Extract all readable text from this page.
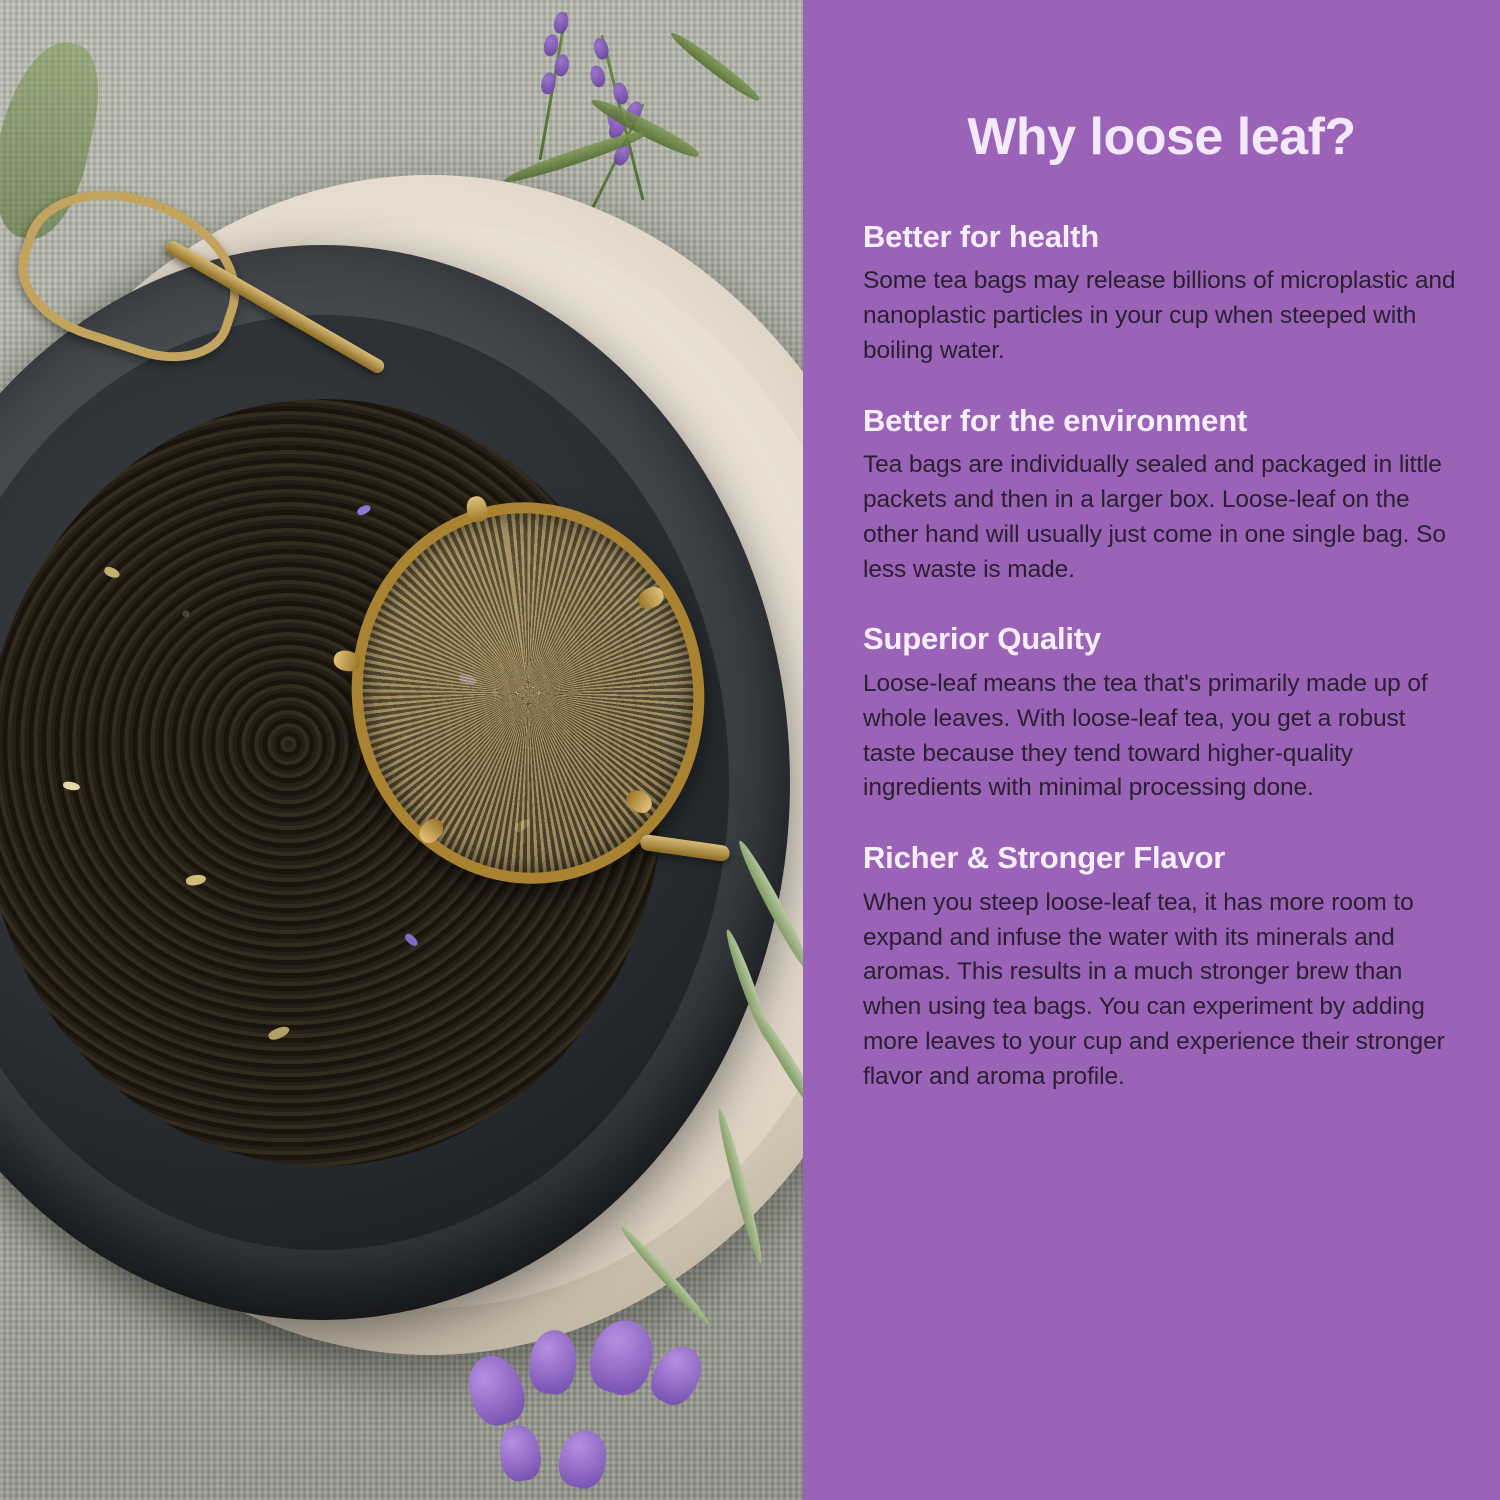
Why loose leaf?
Better for health

Some tea bags may release billions of microplastic and nanoplastic particles in your cup when steeped with boiling water.

Better for the environment

Tea bags are individually sealed and packaged in little packets and then in a larger box. Loose-leaf on the other hand will usually just come in one single bag. So less waste is made.

Superior Quality

Loose-leaf means the tea that's primarily made up of whole leaves. With loose-leaf tea, you get a robust taste because they tend toward higher-quality ingredients with minimal processing done.

Richer & Stronger Flavor

When you steep loose-leaf tea, it has more room to expand and infuse the water with its minerals and aromas. This results in a much stronger brew than when using tea bags. You can experiment by adding more leaves to your cup and experience their stronger flavor and aroma profile.
